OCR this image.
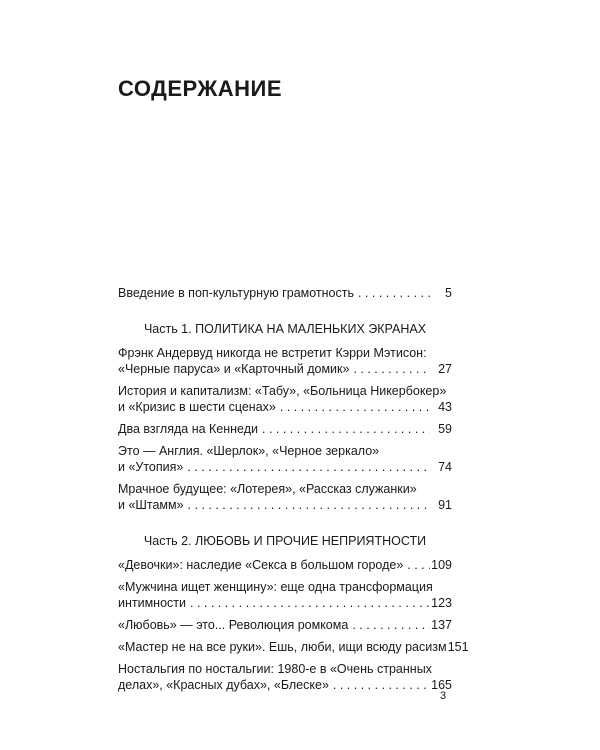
СОДЕРЖАНИЕ
Введение в поп-культурную грамотность . . .	5
Часть 1. ПОЛИТИКА НА МАЛЕНЬКИХ ЭКРАНАХ
Фрэнк Андервуд никогда не встретит Кэрри Мэтисон:
«Черные паруса» и «Карточный домик» . . .	27
История и капитализм: «Табу», «Больница Никербокер»
и «Кризис в шести сценах» . . .	43
Два взгляда на Кеннеди . . .	59
Это — Англия. «Шерлок», «Черное зеркало»
и «Утопия» . . .	74
Мрачное будущее: «Лотерея», «Рассказ служанки»
и «Штамм» . . .	91
Часть 2. ЛЮБОВЬ И ПРОЧИЕ НЕПРИЯТНОСТИ
«Девочки»: наследие «Секса в большом городе» . . . 109
«Мужчина ищет женщину»: еще одна трансформация
интимности . . .	123
«Любовь» — это... Революция ромкома . . .	137
«Мастер не на все руки». Ешь, люби, ищи всюду расизм 151
Ностальгия по ностальгии: 1980-е в «Очень странных
делах», «Красных дубах», «Блеске» . . .	165
3
